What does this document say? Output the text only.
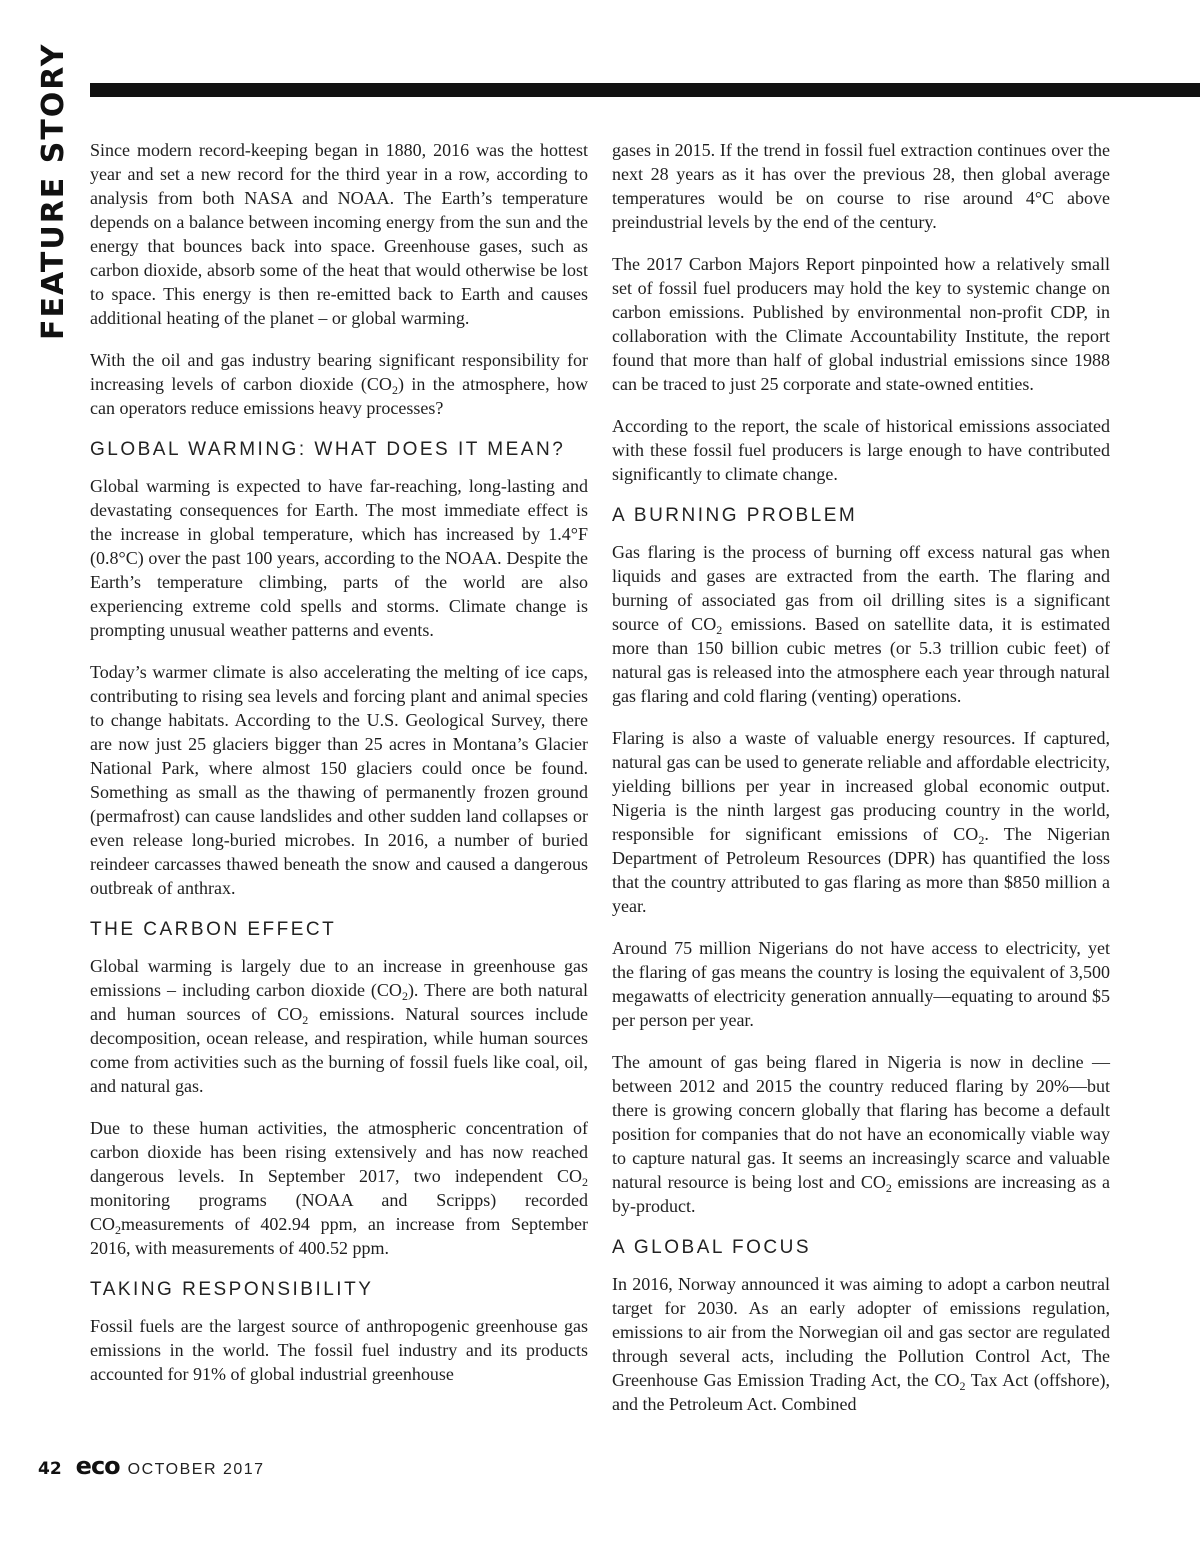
FEATURE STORY Since modern record-keeping began in 1880, 2016 was the hottest year and set a new record for the third year in a row, according to analysis from both NASA and NOAA. The Earth’s temperature depends on a balance between incoming energy from the sun and the energy that bounces back into space. Greenhouse gases, such as carbon dioxide, absorb some of the heat that would otherwise be lost to space. This energy is then re-emitted back to Earth and causes additional heating of the planet – or global warming.

With the oil and gas industry bearing significant responsibility for increasing levels of carbon dioxide $(CO_2)$ in the atmosphere, how can operators reduce emissions heavy processes?

GLOBAL WARMING: WHAT DOES IT MEAN?

Global warming is expected to have far-reaching, long-lasting and devastating consequences for Earth. The most immediate effect is the increase in global temperature, which has increased by 1.4°F (0.8°C) over the past 100 years, according to the NOAA. Despite the Earth’s temperature climbing, parts of the world are also experiencing extreme cold spells and storms. Climate change is prompting unusual weather patterns and events.

Today’s warmer climate is also accelerating the melting of ice caps, contributing to rising sea levels and forcing plant and animal species to change habitats. According to the U.S. Geological Survey, there are now just 25 glaciers bigger than 25 acres in Montana’s Glacier National Park, where almost 150 glaciers could once be found. Something as small as the thawing of permanently frozen ground (permafrost) can cause landslides and other sudden land collapses or even release long-buried microbes. In 2016, a number of buried reindeer carcasses thawed beneath the snow and caused a dangerous outbreak of anthrax.

THE CARBON EFFECT

Global warming is largely due to an increase in greenhouse gas emissions – including carbon dioxide $(CO_2)$. There are both natural and human sources of $CO_2$ emissions. Natural sources include decomposition, ocean release, and respiration, while human sources come from activities such as the burning of fossil fuels like coal, oil, and natural gas.

Due to these human activities, the atmospheric concentration of carbon dioxide has been rising extensively and has now reached dangerous levels. In September 2017, two independent $CO_2$ monitoring programs (NOAA and Scripps) recorded $CO_2measurements$ of 402.94 ppm, an increase from September 2016, with measurements of 400.52 ppm.

TAKING RESPONSIBILITY

Fossil fuels are the largest source of anthropogenic greenhouse gas emissions in the world. The fossil fuel industry and its products accounted for 91% of global industrial greenhouse

gases in 2015. If the trend in fossil fuel extraction continues over the next 28 years as it has over the previous 28, then global average temperatures would be on course to rise around 4°C above preindustrial levels by the end of the century.

The 2017 Carbon Majors Report pinpointed how a relatively small set of fossil fuel producers may hold the key to systemic change on carbon emissions. Published by environmental non-profit CDP, in collaboration with the Climate Accountability Institute, the report found that more than half of global industrial emissions since 1988 can be traced to just 25 corporate and state-owned entities.

According to the report, the scale of historical emissions associated with these fossil fuel producers is large enough to have contributed significantly to climate change.

A BURNING PROBLEM

Gas flaring is the process of burning off excess natural gas when liquids and gases are extracted from the earth. The flaring and burning of associated gas from oil drilling sites is a significant source of $CO_2$ emissions. Based on satellite data, it is estimated more than 150 billion cubic metres (or 5.3 trillion cubic feet) of natural gas is released into the atmosphere each year through natural gas flaring and cold flaring (venting) operations.

Flaring is also a waste of valuable energy resources. If captured, natural gas can be used to generate reliable and affordable electricity, yielding billions per year in increased global economic output. Nigeria is the ninth largest gas producing country in the world, responsible for significant emissions of $CO_2$. The Nigerian Department of Petroleum Resources (DPR) has quantified the loss that the country attributed to gas flaring as more than $850 million a year.

Around 75 million Nigerians do not have access to electricity, yet the flaring of gas means the country is losing the equivalent of 3,500 megawatts of electricity generation annually—equating to around $5 per person per year.

The amount of gas being flared in Nigeria is now in decline —between 2012 and 2015 the country reduced flaring by 20%—but there is growing concern globally that flaring has become a default position for companies that do not have an economically viable way to capture natural gas. It seems an increasingly scarce and valuable natural resource is being lost and $CO_2$ emissions are increasing as a by-product.

A GLOBAL FOCUS

In 2016, Norway announced it was aiming to adopt a carbon neutral target for 2030. As an early adopter of emissions regulation, emissions to air from the Norwegian oil and gas sector are regulated through several acts, including the Pollution Control Act, The Greenhouse Gas Emission Trading Act, the $CO_2$ Tax Act (offshore), and the Petroleum Act. Combined

42 eco OCTOBER 2017
